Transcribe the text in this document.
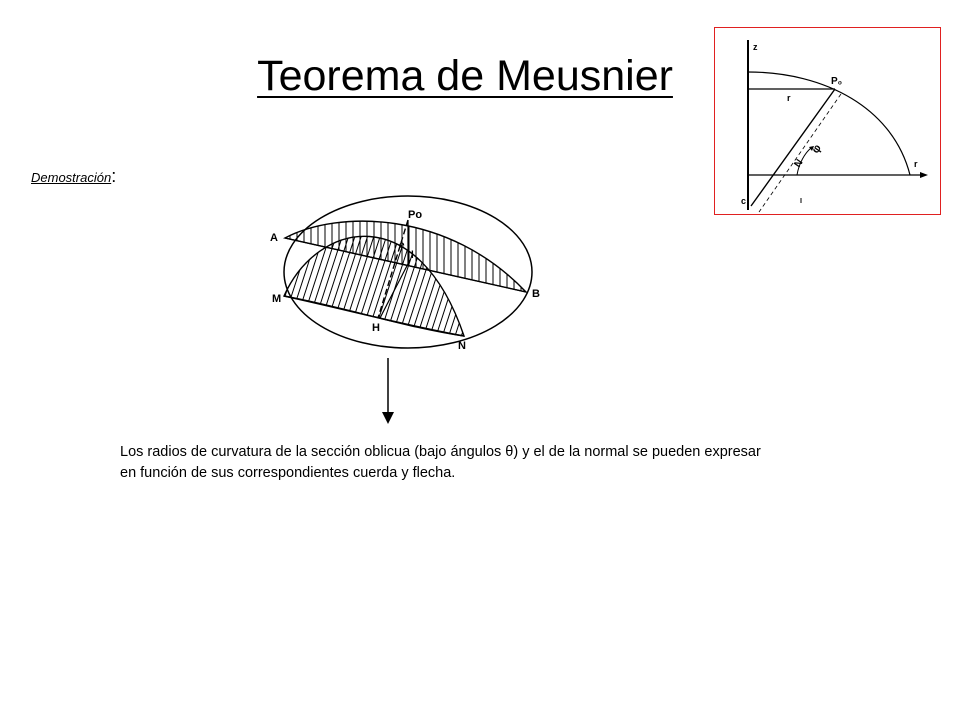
Teorema de Meusnier
Demostración:
A
B
M
N
H
Po
e
l
z
P₀
r
r
N
φ
c
Los radios de curvatura de la sección oblicua (bajo ángulos θ) y el de la normal se pueden expresar en función de sus correspondientes cuerda y flecha.
